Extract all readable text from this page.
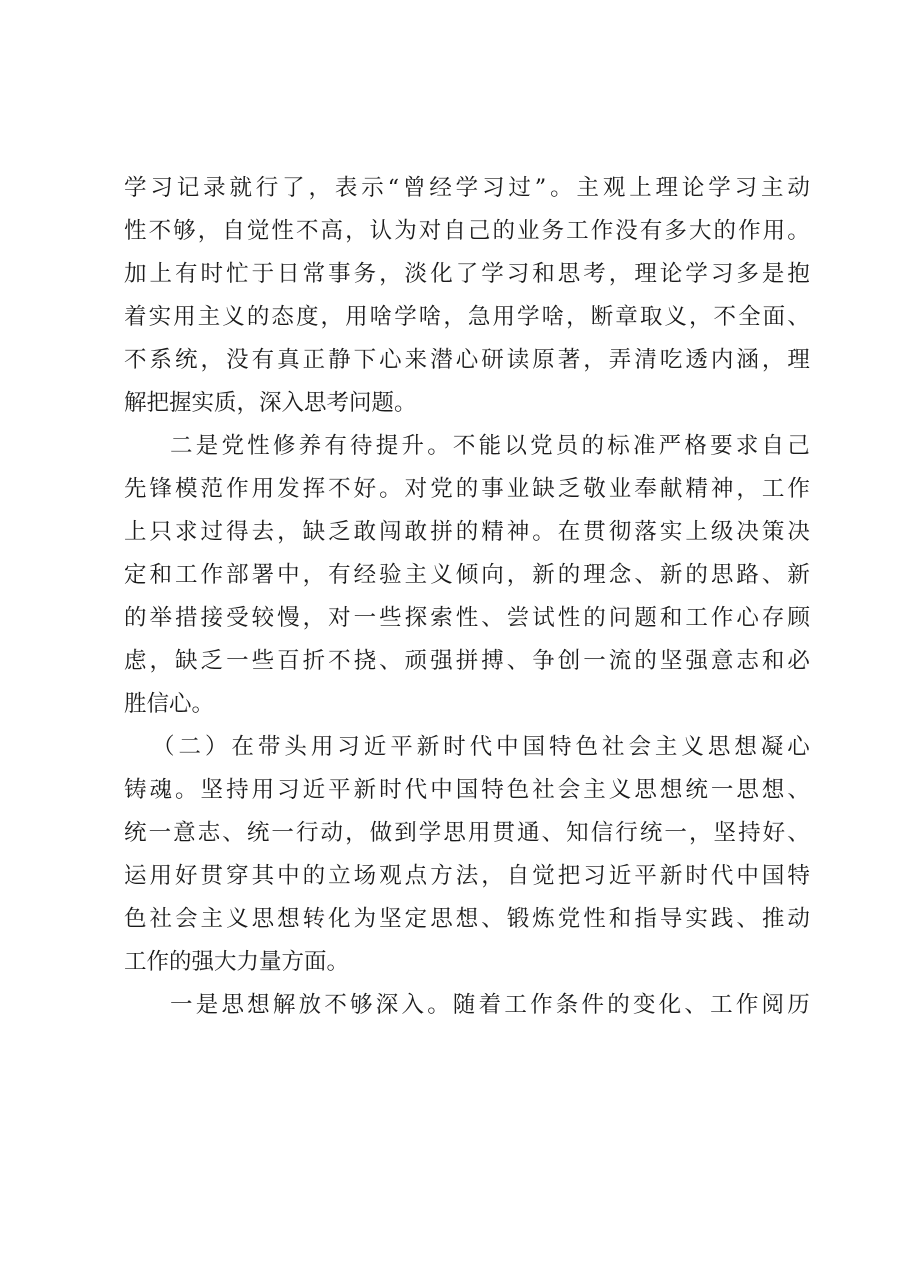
学 习 记 录 就 行 了 ， 表 示 “ 曾 经 学 习 过 ” 。 主 观 上 理 论 学 习 主 动
性 不 够 ， 自 觉 性 不 高 ， 认 为 对 自 己 的 业 务 工 作 没 有 多 大 的 作 用 。
加 上 有 时 忙 于 日 常 事 务 ， 淡 化 了 学 习 和 思 考 ， 理 论 学 习 多 是 抱
着 实 用 主 义 的 态 度 ， 用 啥 学 啥 ， 急 用 学 啥 ， 断 章 取 义 ， 不 全 面 、
不 系 统 ， 没 有 真 正 静 下 心 来 潜 心 研 读 原 著 ， 弄 清 吃 透 内 涵 ， 理
解把握实质，深入思考问题。
二 是 党 性 修 养 有 待 提 升 。 不 能 以 党 员 的 标 准 严 格 要 求 自 己
先 锋 模 范 作 用 发 挥 不 好 。 对 党 的 事 业 缺 乏 敬 业 奉 献 精 神 ， 工 作
上 只 求 过 得 去 ， 缺 乏 敢 闯 敢 拼 的 精 神 。 在 贯 彻 落 实 上 级 决 策 决
定 和 工 作 部 署 中 ， 有 经 验 主 义 倾 向 ， 新 的 理 念 、 新 的 思 路 、 新
的 举 措 接 受 较 慢 ， 对 一 些 探 索 性 、 尝 试 性 的 问 题 和 工 作 心 存 顾
虑 ， 缺 乏 一 些 百 折 不 挠 、 顽 强 拼 搏 、 争 创 一 流 的 坚 强 意 志 和 必
胜信心。
（ 二 ） 在 带 头 用 习 近 平 新 时 代 中 国 特 色 社 会 主 义 思 想 凝 心
铸 魂 。 坚 持 用 习 近 平 新 时 代 中 国 特 色 社 会 主 义 思 想 统 一 思 想 、
统 一 意 志 、 统 一 行 动 ， 做 到 学 思 用 贯 通 、 知 信 行 统 一 ， 坚 持 好 、
运 用 好 贯 穿 其 中 的 立 场 观 点 方 法 ， 自 觉 把 习 近 平 新 时 代 中 国 特
色 社 会 主 义 思 想 转 化 为 坚 定 思 想 、 锻 炼 党 性 和 指 导 实 践 、 推 动
工作的强大力量方面。
一 是 思 想 解 放 不 够 深 入 。 随 着 工 作 条 件 的 变 化 、 工 作 阅 历
